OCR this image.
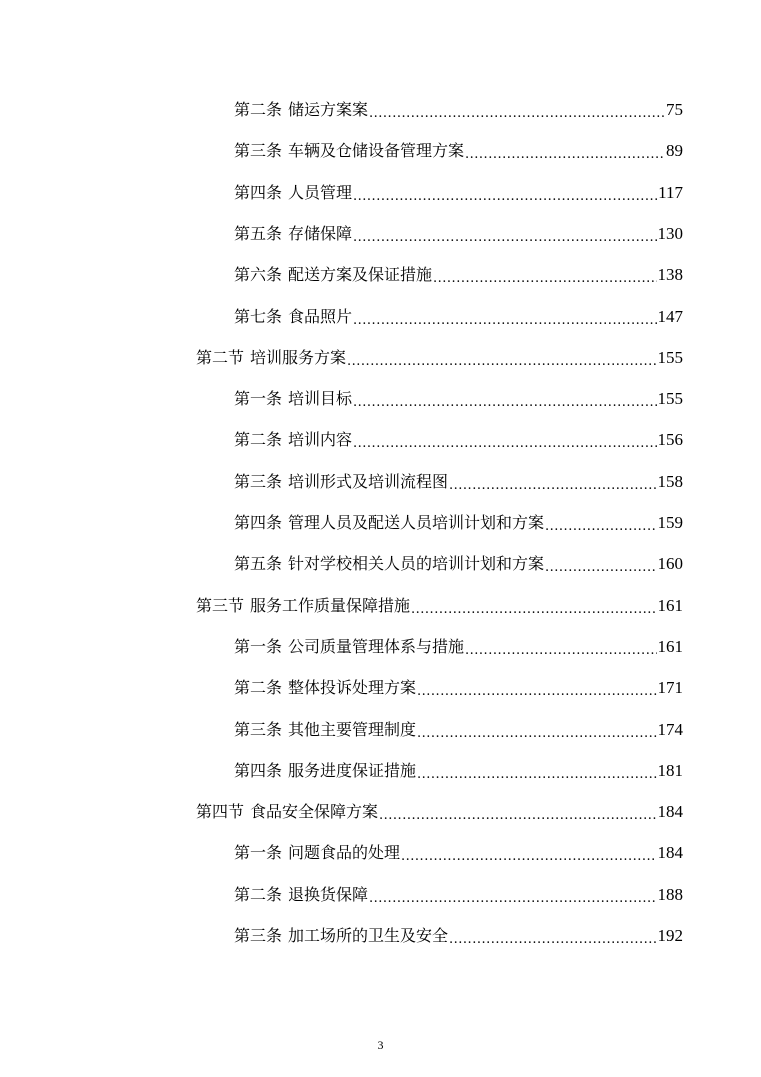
第二条 储运方案案 .....	75
第三条 车辆及仓储设备管理方案 .....	89
第四条 人员管理 .....	117
第五条 存储保障 .....	130
第六条 配送方案及保证措施 .....	138
第七条 食品照片 .....	147
第二节 培训服务方案 .....	155
第一条 培训目标 .....	155
第二条 培训内容 .....	156
第三条 培训形式及培训流程图 .....	158
第四条 管理人员及配送人员培训计划和方案 .....	159
第五条 针对学校相关人员的培训计划和方案 .....	160
第三节 服务工作质量保障措施 .....	161
第一条 公司质量管理体系与措施 .....	161
第二条 整体投诉处理方案 .....	171
第三条 其他主要管理制度 .....	174
第四条 服务进度保证措施 .....	181
第四节 食品安全保障方案 .....	184
第一条 问题食品的处理 .....	184
第二条 退换货保障 .....	188
第三条 加工场所的卫生及安全 .....	192
3
